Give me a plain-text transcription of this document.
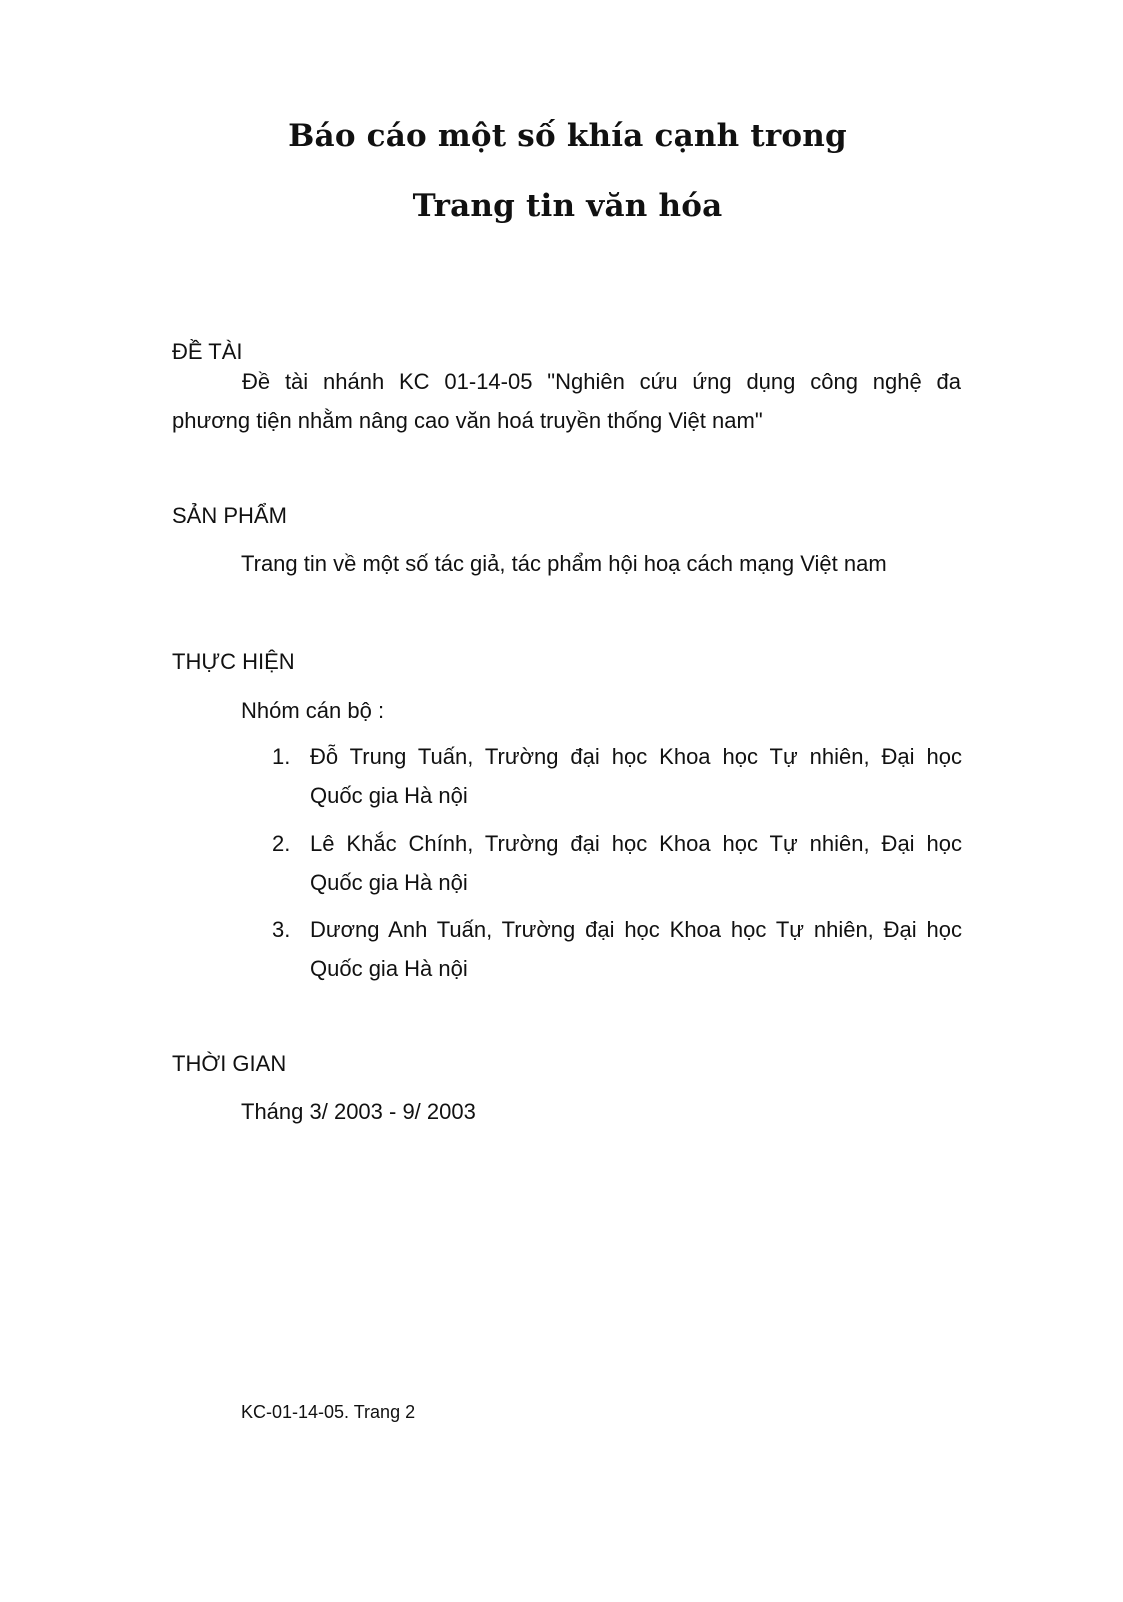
Báo cáo một số khía cạnh trong
Trang tin văn hóa
ĐỀ TÀI
Đề tài nhánh KC 01-14-05 "Nghiên cứu ứng dụng công nghệ đa
phương tiện nhằm nâng cao văn hoá truyền thống Việt nam"
SẢN PHẨM
Trang tin về một số tác giả, tác phẩm hội hoạ cách mạng Việt nam
THỰC HIỆN
Nhóm cán bộ :
1. Đỗ Trung Tuấn, Trường đại học Khoa học Tự nhiên, Đại học
Quốc gia Hà nội
2. Lê Khắc Chính, Trường đại học Khoa học Tự nhiên, Đại học
Quốc gia Hà nội
3. Dương Anh Tuấn, Trường đại học Khoa học Tự nhiên, Đại học
Quốc gia Hà nội
THỜI GIAN
Tháng 3/ 2003 - 9/ 2003
KC-01-14-05. Trang 2
